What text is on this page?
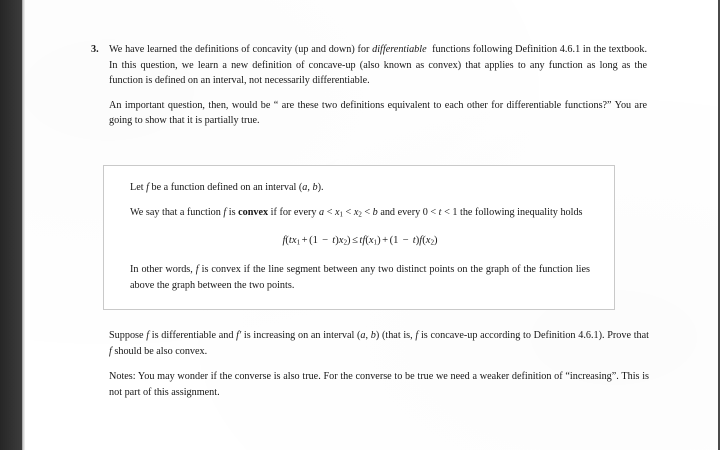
3. We have learned the definitions of concavity (up and down) for differentiable  functions following Definition 4.6.1 in the textbook. In this question, we learn a new definition of concave-up (also known as convex) that applies to any function as long as the function is defined on an interval, not necessarily differentiable.

An important question, then, would be “ are these two definitions equivalent to each other for differentiable functions?” You are going to show that it is partially true.

Let f be a function defined on an interval (a, b).

We say that a function f is convex if for every $a < x_1 < x_2 < b$ and every 0 < t < 1 the following inequality holds

$f(tx_1 + (1 - t)x_2) \le tf(x_1) + (1 - t)f(x_2)$

In other words, f is convex if the line segment between any two distinct points on the graph of the function lies above the graph between the two points.

Suppose f is differentiable and f′ is increasing on an interval (a, b) (that is, f is concave-up according to Definition 4.6.1). Prove that f should be also convex.

Notes: You may wonder if the converse is also true. For the converse to be true we need a weaker definition of “increasing”. This is not part of this assignment.
